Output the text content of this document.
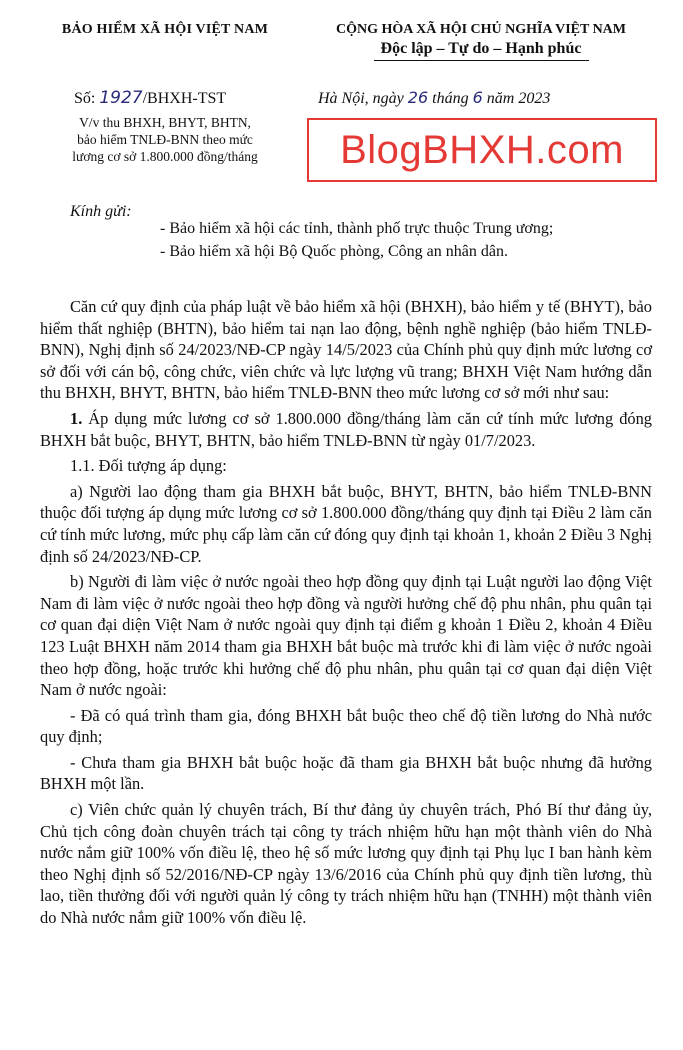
BẢO HIỂM XÃ HỘI VIỆT NAM	CỘNG HÒA XÃ HỘI CHỦ NGHĨA VIỆT NAM
Độc lập – Tự do – Hạnh phúc
Số: 1927/BHXH-TST	Hà Nội, ngày 26 tháng 6 năm 2023
V/v thu BHXH, BHYT, BHTN,
bảo hiểm TNLĐ-BNN theo mức
lương cơ sở 1.800.000 đồng/tháng	BlogBHXH.com
Kính gửi:
- Bảo hiểm xã hội các tỉnh, thành phố trực thuộc Trung ương;
- Bảo hiểm xã hội Bộ Quốc phòng, Công an nhân dân.

Căn cứ quy định của pháp luật về bảo hiểm xã hội (BHXH), bảo hiểm y tế (BHYT), bảo hiểm thất nghiệp (BHTN), bảo hiểm tai nạn lao động, bệnh nghề nghiệp (bảo hiểm TNLĐ-BNN), Nghị định số 24/2023/NĐ-CP ngày 14/5/2023 của Chính phủ quy định mức lương cơ sở đối với cán bộ, công chức, viên chức và lực lượng vũ trang; BHXH Việt Nam hướng dẫn thu BHXH, BHYT, BHTN, bảo hiểm TNLĐ-BNN theo mức lương cơ sở mới như sau:

1. Áp dụng mức lương cơ sở 1.800.000 đồng/tháng làm căn cứ tính mức lương đóng BHXH bắt buộc, BHYT, BHTN, bảo hiểm TNLĐ-BNN từ ngày 01/7/2023.

1.1. Đối tượng áp dụng:

a) Người lao động tham gia BHXH bắt buộc, BHYT, BHTN, bảo hiểm TNLĐ-BNN thuộc đối tượng áp dụng mức lương cơ sở 1.800.000 đồng/tháng quy định tại Điều 2 làm căn cứ tính mức lương, mức phụ cấp làm căn cứ đóng quy định tại khoản 1, khoản 2 Điều 3 Nghị định số 24/2023/NĐ-CP.

b) Người đi làm việc ở nước ngoài theo hợp đồng quy định tại Luật người lao động Việt Nam đi làm việc ở nước ngoài theo hợp đồng và người hưởng chế độ phu nhân, phu quân tại cơ quan đại diện Việt Nam ở nước ngoài quy định tại điểm g khoản 1 Điều 2, khoản 4 Điều 123 Luật BHXH năm 2014 tham gia BHXH bắt buộc mà trước khi đi làm việc ở nước ngoài theo hợp đồng, hoặc trước khi hưởng chế độ phu nhân, phu quân tại cơ quan đại diện Việt Nam ở nước ngoài:

- Đã có quá trình tham gia, đóng BHXH bắt buộc theo chế độ tiền lương do Nhà nước quy định;

- Chưa tham gia BHXH bắt buộc hoặc đã tham gia BHXH bắt buộc nhưng đã hưởng BHXH một lần.

c) Viên chức quản lý chuyên trách, Bí thư đảng ủy chuyên trách, Phó Bí thư đảng ủy, Chủ tịch công đoàn chuyên trách tại công ty trách nhiệm hữu hạn một thành viên do Nhà nước nắm giữ 100% vốn điều lệ, theo hệ số mức lương quy định tại Phụ lục I ban hành kèm theo Nghị định số 52/2016/NĐ-CP ngày 13/6/2016 của Chính phủ quy định tiền lương, thù lao, tiền thưởng đối với người quản lý công ty trách nhiệm hữu hạn (TNHH) một thành viên do Nhà nước nắm giữ 100% vốn điều lệ.
